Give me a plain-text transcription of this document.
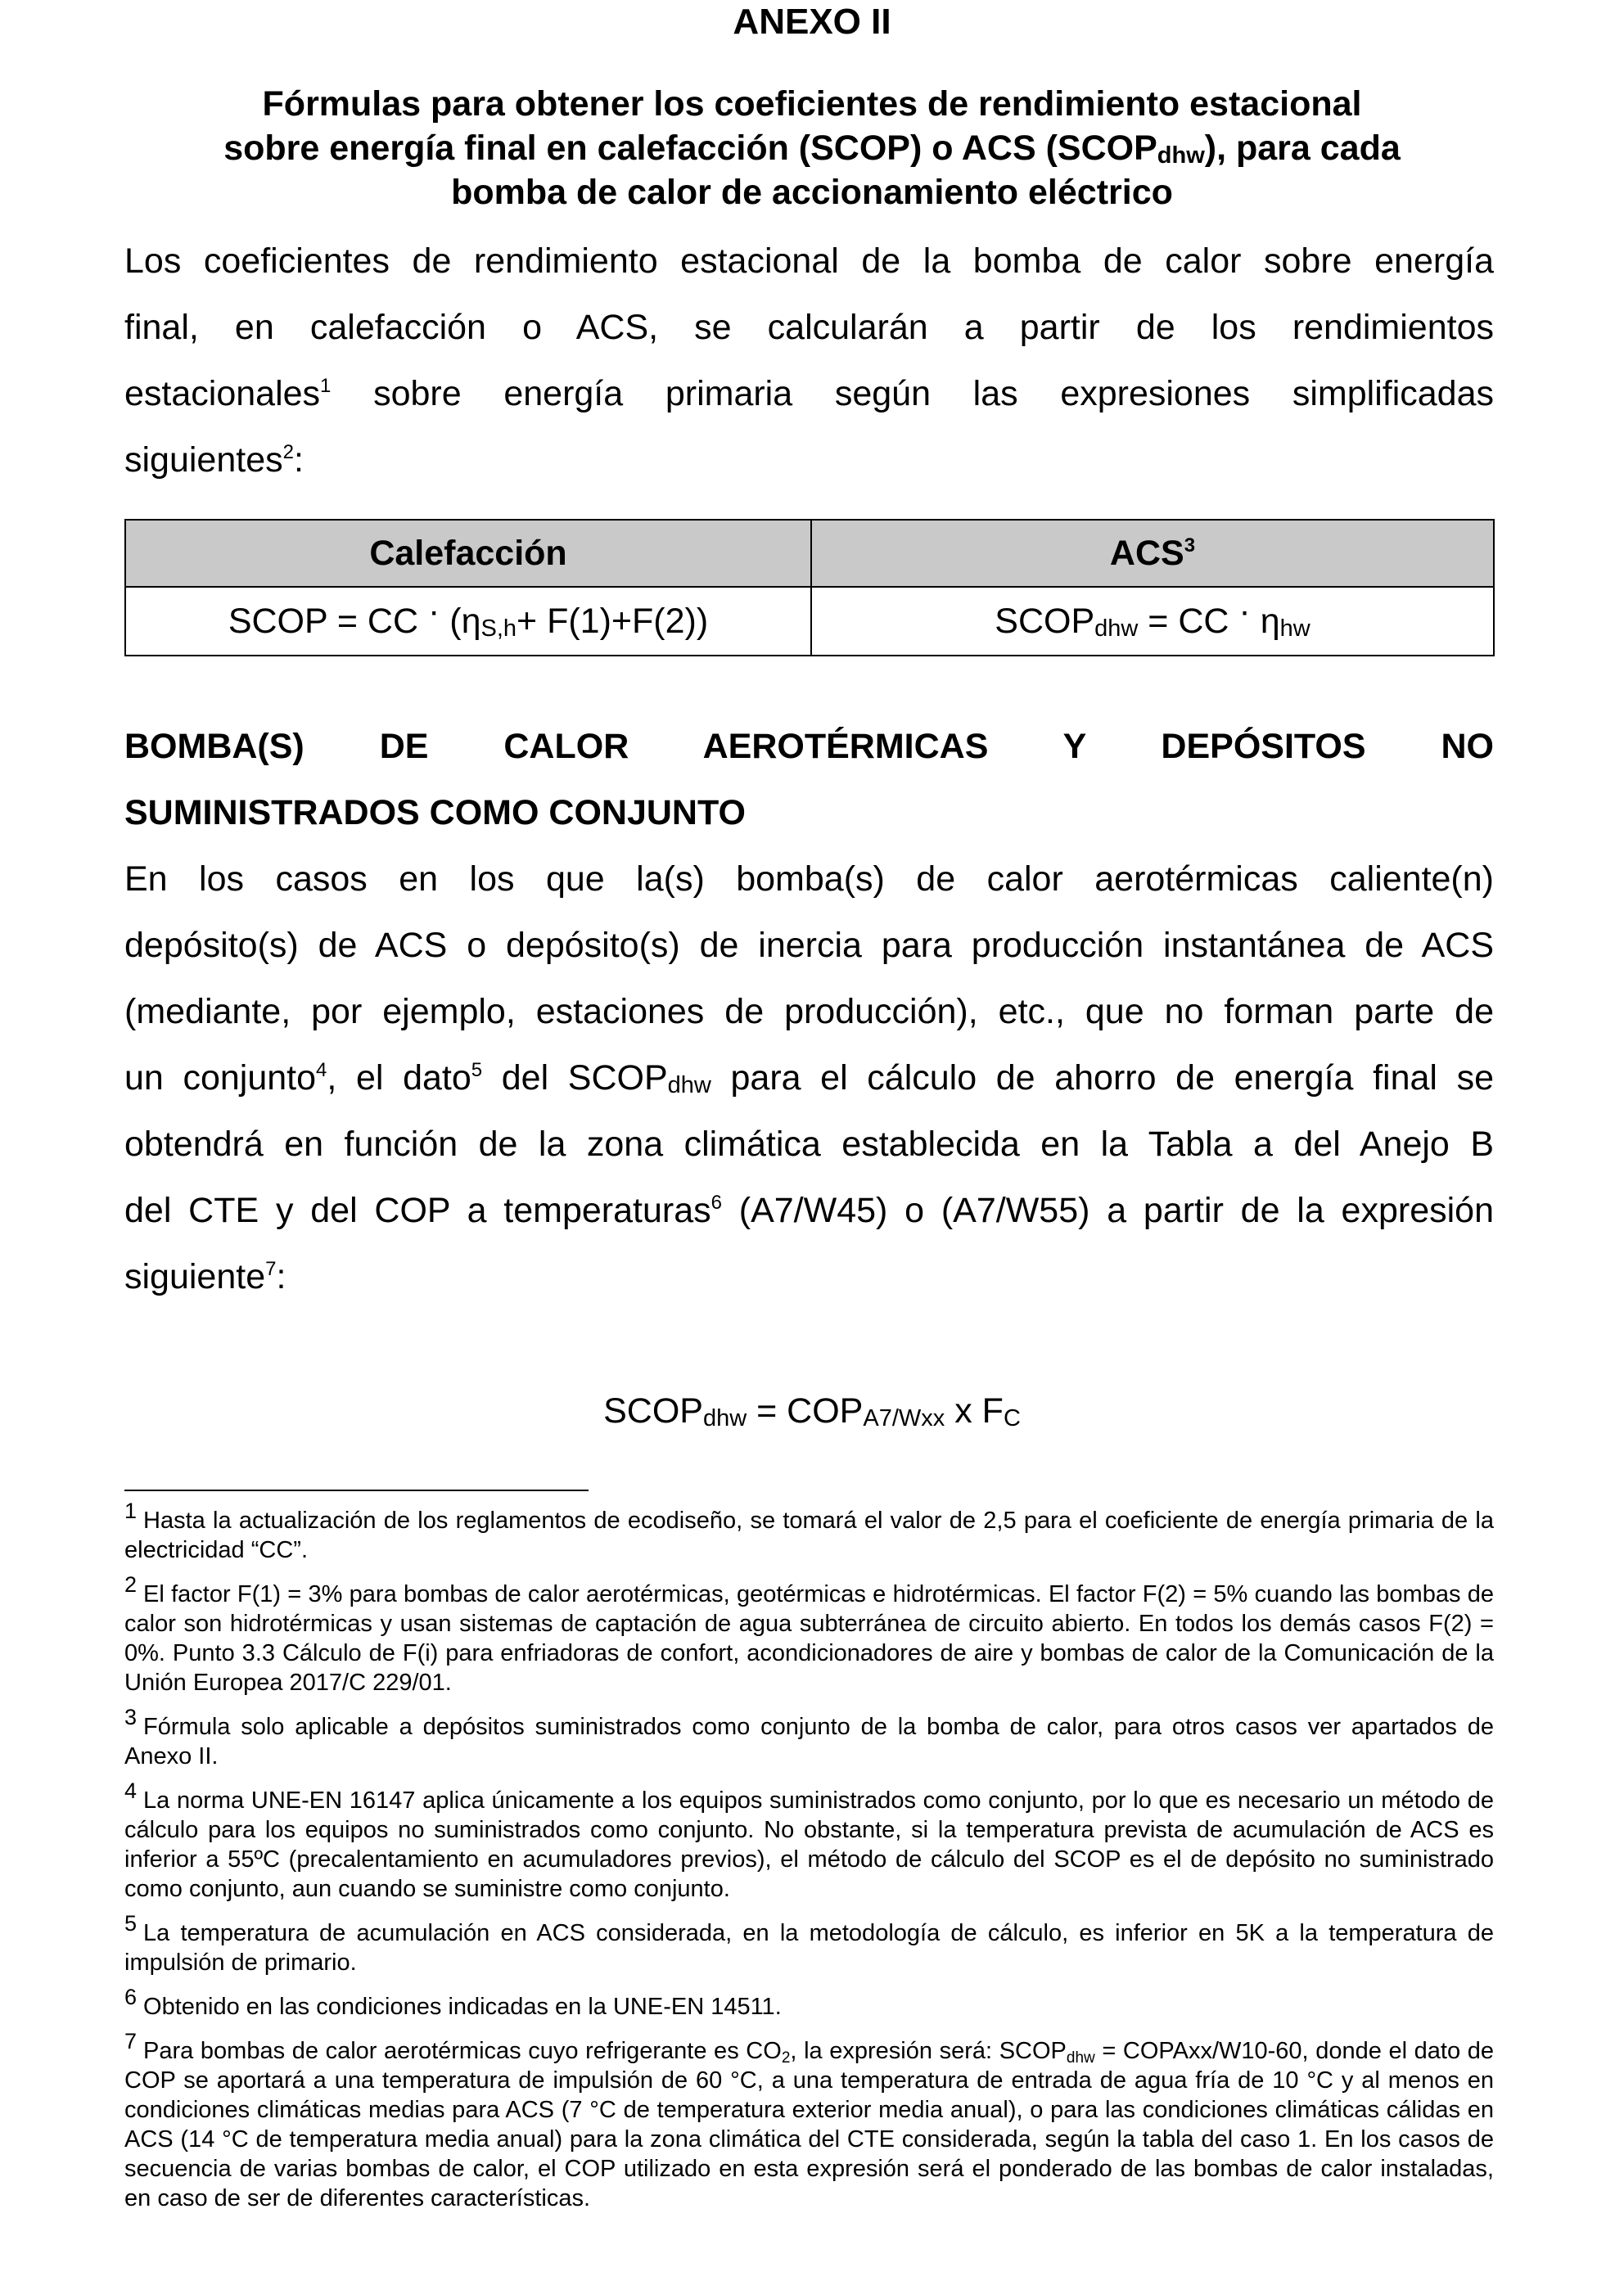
ANEXO II
Fórmulas para obtener los coeficientes de rendimiento estacional
sobre energía final en calefacción (SCOP) o ACS $(SCOP_{dhw})$, para cada
bomba de calor de accionamiento eléctrico
Los coeficientes de rendimiento estacional de la bomba de calor sobre energía
final, en calefacción o ACS, se calcularán a partir de los rendimientos
estacionales$^1$ sobre energía primaria según las expresiones simplificadas
siguientes$^2$:
Calefacción	ACS$^3$
SCOP = CC · $(\eta_{S,h}+ F(1)+F(2))$	$SCOP_{dhw}$ = CC · $\eta_{hw}$
BOMBA(S) DE CALOR AEROTÉRMICAS Y DEPÓSITOS NO
SUMINISTRADOS COMO CONJUNTO
En los casos en los que la(s) bomba(s) de calor aerotérmicas caliente(n)
depósito(s) de ACS o depósito(s) de inercia para producción instantánea de ACS
(mediante, por ejemplo, estaciones de producción), etc., que no forman parte de
un conjunto$^4$, el dato$^5$ del $SCOP_{dhw}$ para el cálculo de ahorro de energía final se
obtendrá en función de la zona climática establecida en la Tabla a del Anejo B
del CTE y del COP a temperaturas$^6$ (A7/W45) o (A7/W55) a partir de la expresión
siguiente$^7$:
$SCOP_{dhw} = COP_{A7/Wxx}$ x $F_C$

1 Hasta la actualización de los reglamentos de ecodiseño, se tomará el valor de 2,5 para el coeficiente de energía primaria de la electricidad “CC”.

2 El factor F(1) = 3% para bombas de calor aerotérmicas, geotérmicas e hidrotérmicas. El factor F(2) = 5% cuando las bombas de calor son hidrotérmicas y usan sistemas de captación de agua subterránea de circuito abierto. En todos los demás casos F(2) = 0%. Punto 3.3 Cálculo de F(i) para enfriadoras de confort, acondicionadores de aire y bombas de calor de la Comunicación de la Unión Europea 2017/C 229/01.

3 Fórmula solo aplicable a depósitos suministrados como conjunto de la bomba de calor, para otros casos ver apartados de Anexo II.

4 La norma UNE-EN 16147 aplica únicamente a los equipos suministrados como conjunto, por lo que es necesario un método de cálculo para los equipos no suministrados como conjunto. No obstante, si la temperatura prevista de acumulación de ACS es inferior a 55ºC (precalentamiento en acumuladores previos), el método de cálculo del SCOP es el de depósito no suministrado como conjunto, aun cuando se suministre como conjunto.

5 La temperatura de acumulación en ACS considerada, en la metodología de cálculo, es inferior en 5K a la temperatura de impulsión de primario.

6 Obtenido en las condiciones indicadas en la UNE-EN 14511.

7 Para bombas de calor aerotérmicas cuyo refrigerante es $CO_2$, la expresión será: $SCOP_{dhw}$ = COPAxx/W10-60, donde el dato de COP se aportará a una temperatura de impulsión de 60 °C, a una temperatura de entrada de agua fría de 10 °C y al menos en condiciones climáticas medias para ACS (7 °C de temperatura exterior media anual), o para las condiciones climáticas cálidas en ACS (14 °C de temperatura media anual) para la zona climática del CTE considerada, según la tabla del caso 1. En los casos de secuencia de varias bombas de calor, el COP utilizado en esta expresión será el ponderado de las bombas de calor instaladas, en caso de ser de diferentes características.
